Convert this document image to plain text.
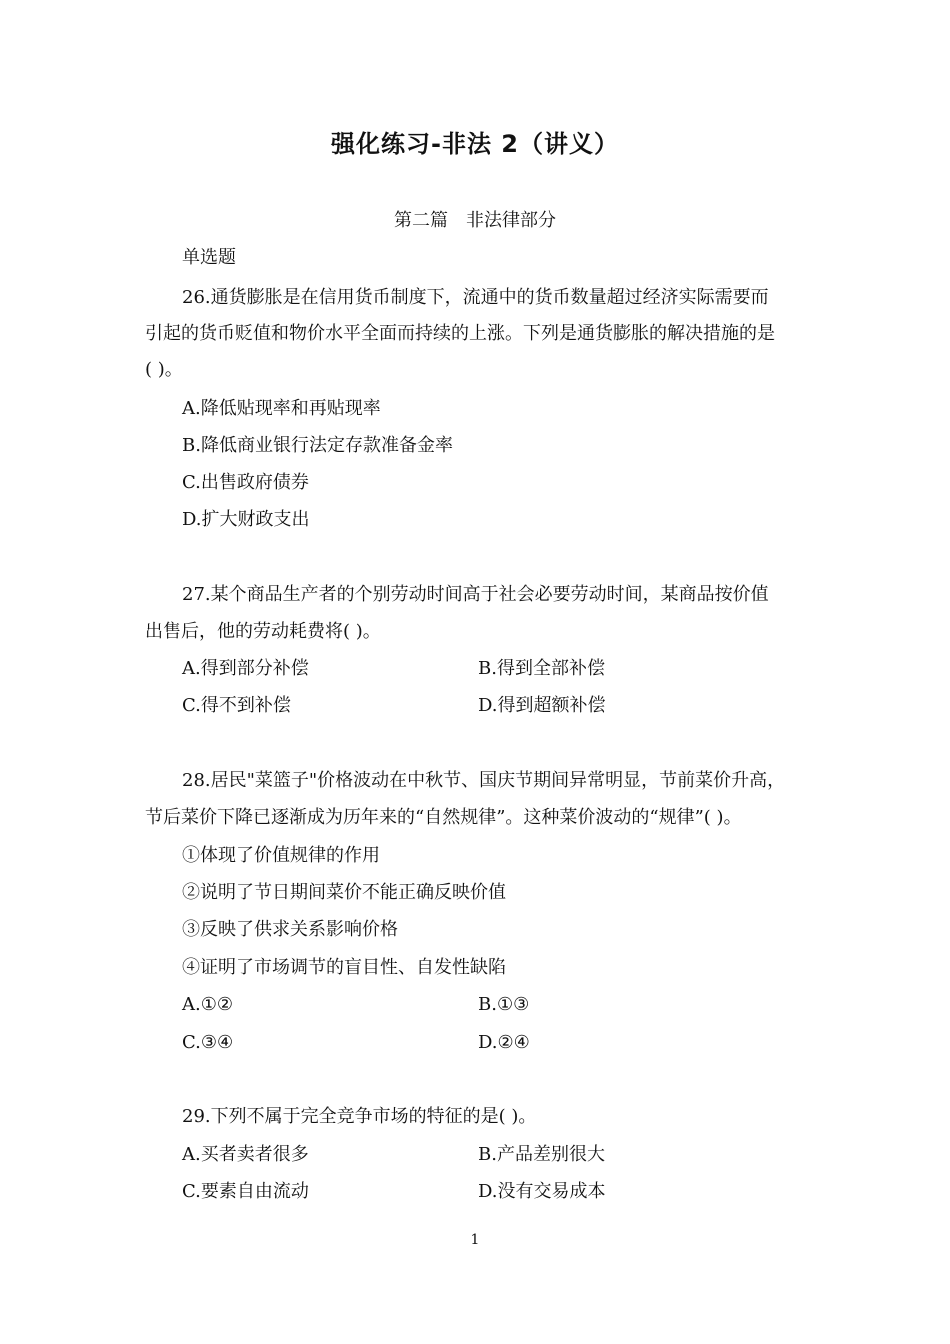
强化练习-非法 2（讲义）
第二篇　非法律部分
单选题
26.通货膨胀是在信用货币制度下，流通中的货币数量超过经济实际需要而
引起的货币贬值和物价水平全面而持续的上涨。下列是通货膨胀的解决措施的是
( )。
A.降低贴现率和再贴现率
B.降低商业银行法定存款准备金率
C.出售政府债券
D.扩大财政支出
27.某个商品生产者的个别劳动时间高于社会必要劳动时间，某商品按价值
出售后，他的劳动耗费将( )。
A.得到部分补偿	B.得到全部补偿
C.得不到补偿	D.得到超额补偿
28.居民"菜篮子"价格波动在中秋节、国庆节期间异常明显，节前菜价升高，
节后菜价下降已逐渐成为历年来的“自然规律”。这种菜价波动的“规律”( )。
①体现了价值规律的作用
②说明了节日期间菜价不能正确反映价值
③反映了供求关系影响价格
④证明了市场调节的盲目性、自发性缺陷
A.①②	B.①③
C.③④	D.②④
29.下列不属于完全竞争市场的特征的是( )。
A.买者卖者很多	B.产品差别很大
C.要素自由流动	D.没有交易成本
1
